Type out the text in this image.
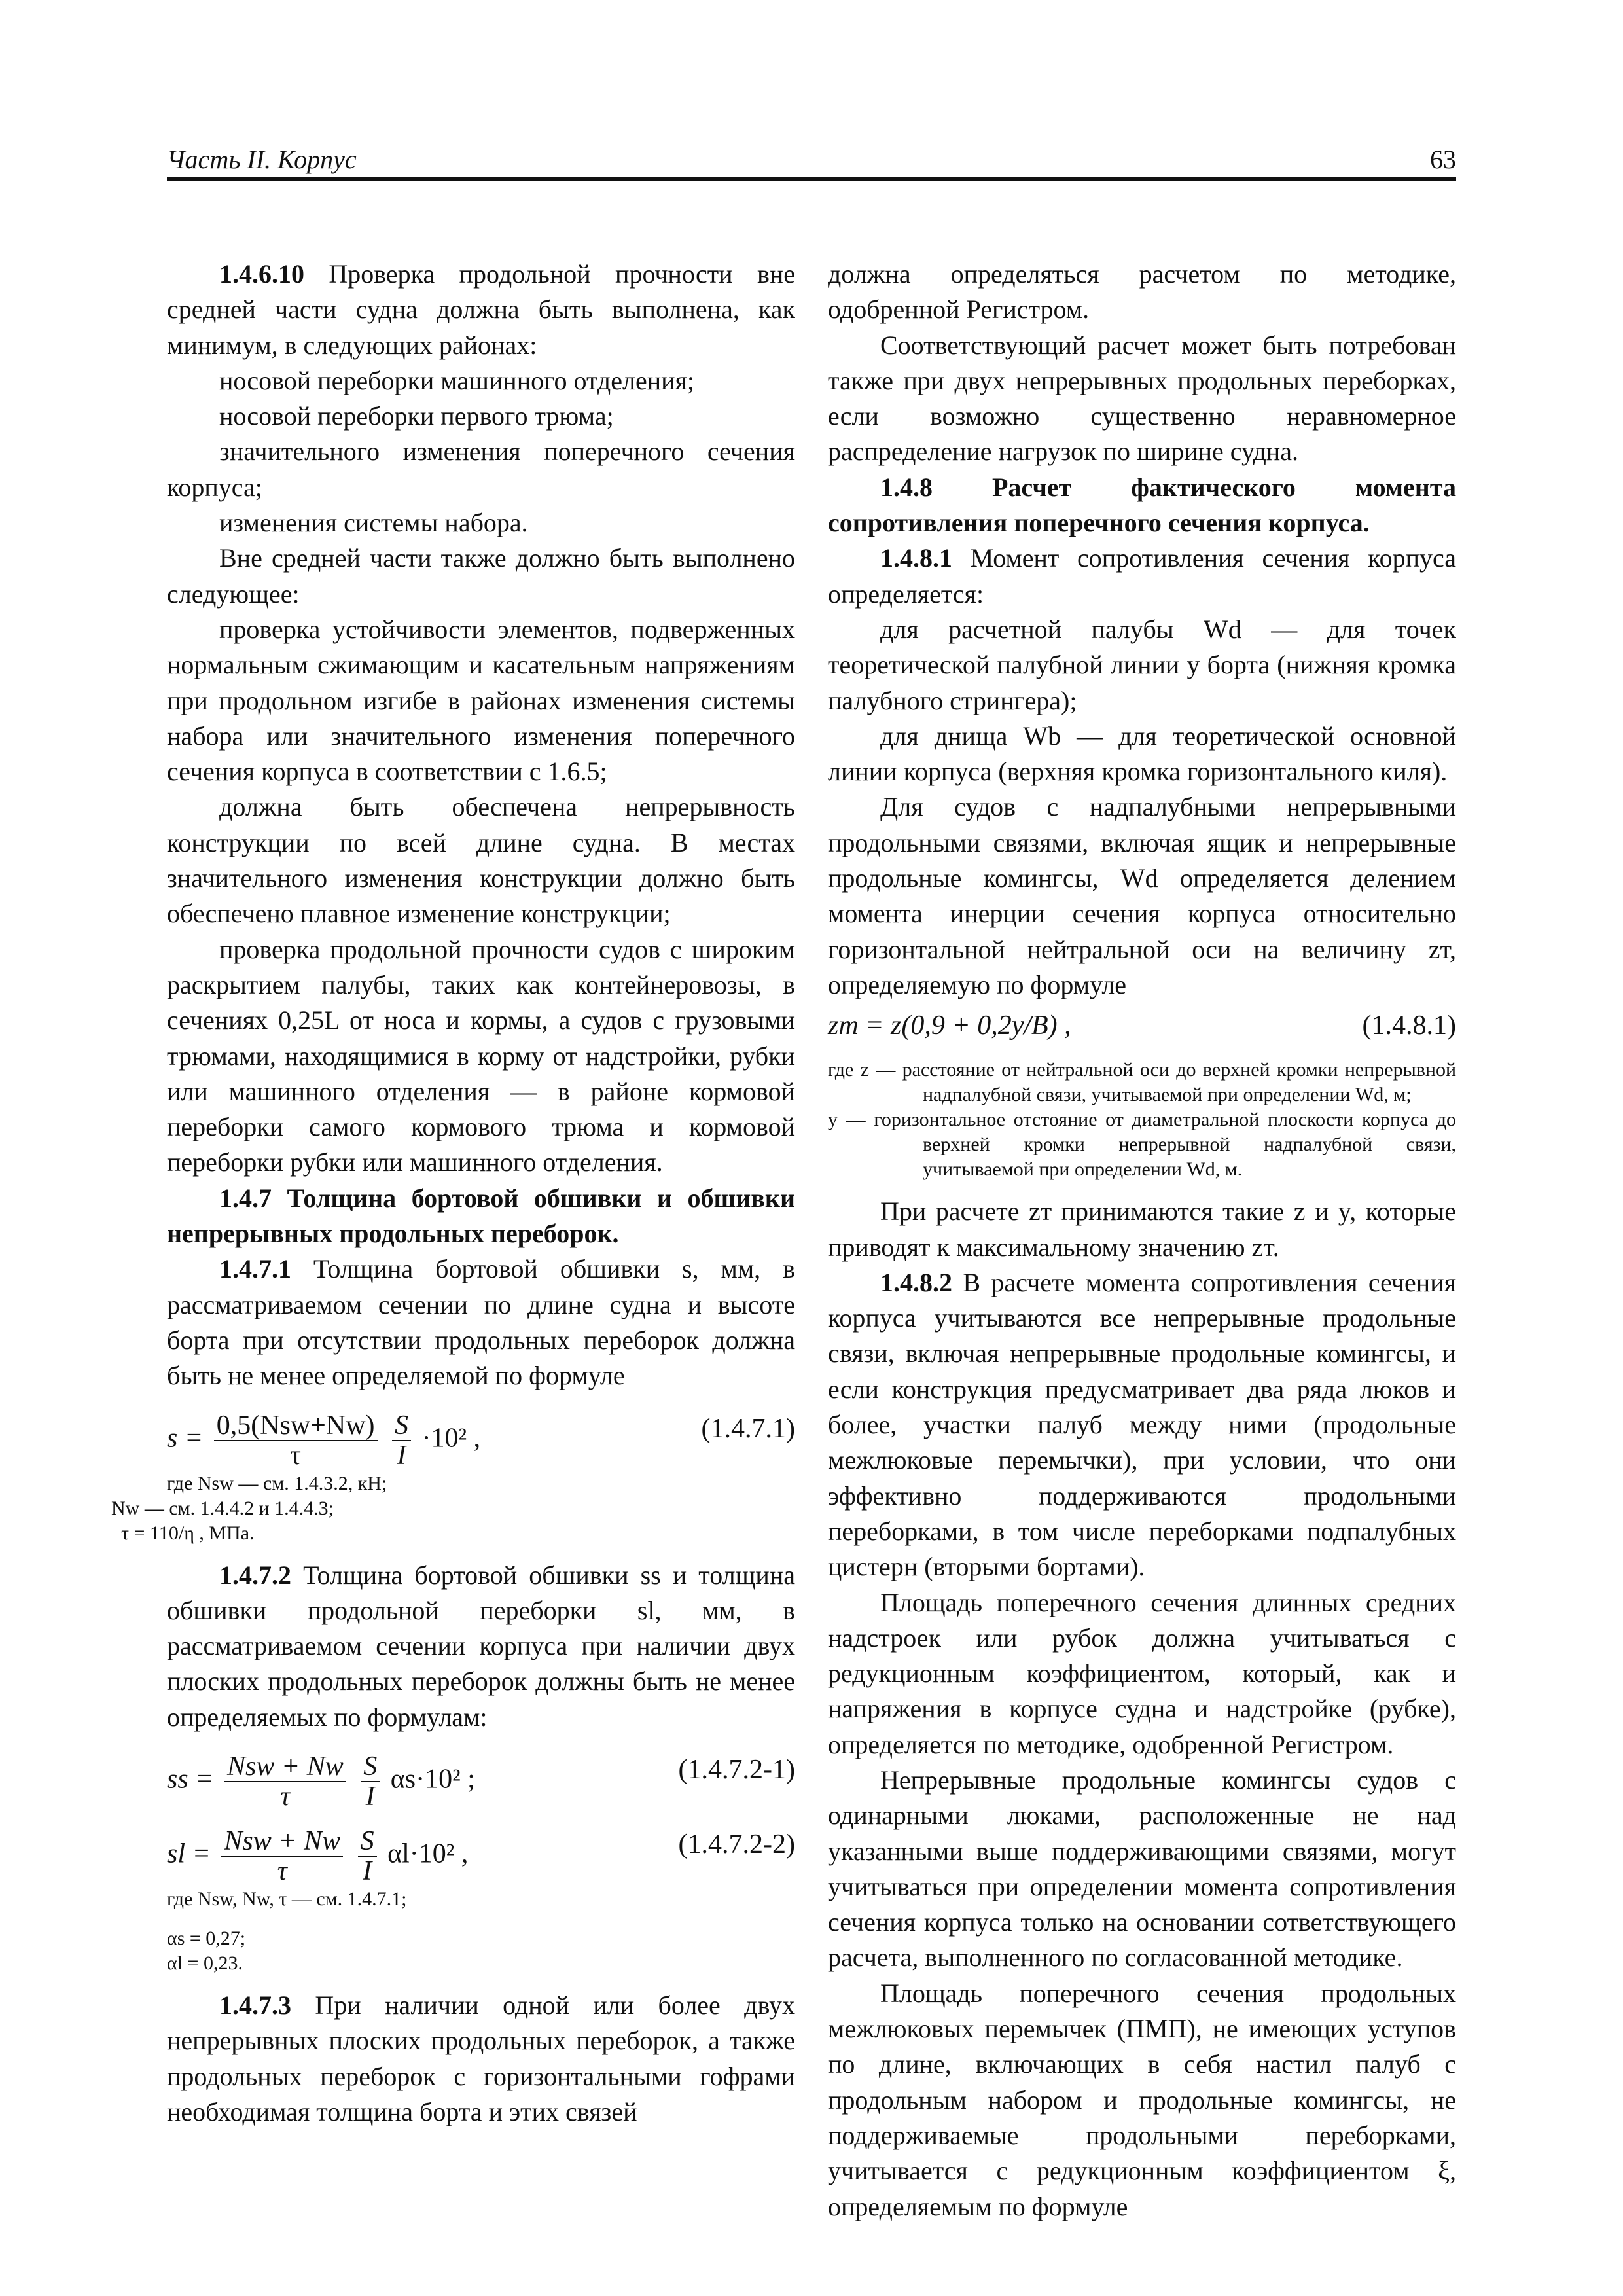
Часть II. Корпус	63

1.4.6.10 Проверка продольной прочности вне средней части судна должна быть выполнена, как минимум, в следующих районах:

носовой переборки машинного отделения;

носовой переборки первого трюма;

значительного изменения поперечного сечения корпуса;

изменения системы набора.

Вне средней части также должно быть выполнено следующее:

проверка устойчивости элементов, подверженных нормальным сжимающим и касательным напряжениям при продольном изгибе в районах изменения системы набора или значительного изменения поперечного сечения корпуса в соответствии с 1.6.5;

должна быть обеспечена непрерывность конструкции по всей длине судна. В местах значительного изменения конструкции должно быть обеспечено плавное изменение конструкции;

проверка продольной прочности судов с широким раскрытием палубы, таких как контейнеровозы, в сечениях 0,25L от носа и кормы, а судов с грузовыми трюмами, находящимися в корму от надстройки, рубки или машинного отделения — в районе кормовой переборки самого кормового трюма и кормовой переборки рубки или машинного отделения.

1.4.7 Толщина бортовой обшивки и обшивки непрерывных продольных переборок.

1.4.7.1 Толщина бортовой обшивки s, мм, в рассматриваемом сечении по длине судна и высоте борта при отсутствии продольных переборок должна быть не менее определяемой по формуле

$s = \frac{\text{0,5(Nsw+Nw)}}{\tau}$
$\frac{S}{I} \cdot 10^2$ ,	(1.4.7.1)
где Nsw — см. 1.4.3.2, кН;
Nw — см. 1.4.4.2 и 1.4.4.3;
τ = 110/η , МПа.

1.4.7.2 Толщина бортовой обшивки ss и толщина обшивки продольной переборки sl, мм, в рассматриваемом сечении корпуса при наличии двух плоских продольных переборок должны быть не менее определяемых по формулам:

ss = $\frac{\text{Nsw + Nw}}{\tau}$
$\frac{S}{I} \alpha s\cdot 10^2$ ;	(1.4.7.2-1)
sl = $\frac{\text{Nsw + Nw}}{\tau}$
$\frac{S}{I} \alpha l\cdot 10^2$ ,	(1.4.7.2-2)
где Nsw, Nw, τ — см. 1.4.7.1;
αs = 0,27;
αl = 0,23.

1.4.7.3 При наличии одной или более двух непрерывных плоских продольных переборок, а также продольных переборок с горизонтальными гофрами необходимая толщина борта и этих связей

должна определяться расчетом по методике, одобренной Регистром.

Соответствующий расчет может быть потребован также при двух непрерывных продольных переборках, если возможно существенно неравномерное распределение нагрузок по ширине судна.

1.4.8 Расчет фактического момента сопротивления поперечного сечения корпуса.

1.4.8.1 Момент сопротивления сечения корпуса определяется:

для расчетной палубы Wd — для точек теоретической палубной линии у борта (нижняя кромка палубного стрингера);

для днища Wb — для теоретической основной линии корпуса (верхняя кромка горизонтального киля).

Для судов с надпалубными непрерывными продольными связями, включая ящик и непрерывные продольные комингсы, Wd определяется делением момента инерции сечения корпуса относительно горизонтальной нейтральной оси на величину zт, определяемую по формуле

zт = z(0,9 + 0,2y/B) ,	(1.4.8.1)
где z — расстояние от нейтральной оси до верхней кромки непрерывной надпалубной связи, учитываемой при определении Wd, м;
y — горизонтальное отстояние от диаметральной плоскости корпуса до верхней кромки непрерывной надпалубной связи, учитываемой при определении Wd, м.

При расчете zт принимаются такие z и y, которые приводят к максимальному значению zт.

1.4.8.2 В расчете момента сопротивления сечения корпуса учитываются все непрерывные продольные связи, включая непрерывные продольные комингсы, и если конструкция предусматривает два ряда люков и более, участки палуб между ними (продольные межлюковые перемычки), при условии, что они эффективно поддерживаются продольными переборками, в том числе переборками подпалубных цистерн (вторыми бортами).

Площадь поперечного сечения длинных средних надстроек или рубок должна учитываться с редукционным коэффициентом, который, как и напряжения в корпусе судна и надстройке (рубке), определяется по методике, одобренной Регистром.

Непрерывные продольные комингсы судов с одинарными люками, расположенные не над указанными выше поддерживающими связями, могут учитываться при определении момента сопротивления сечения корпуса только на основании сответствующего расчета, выполненного по согласованной методике.

Площадь поперечного сечения продольных межлюковых перемычек (ПМП), не имеющих уступов по длине, включающих в себя настил палуб с продольным набором и продольные комингсы, не поддерживаемые продольными переборками, учитывается с редукционным коэффициентом ξ, определяемым по формуле
